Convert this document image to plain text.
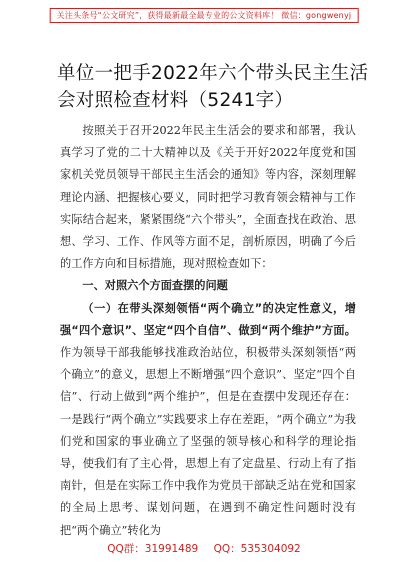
关注头条号“公文研究”，获得最新最全最专业的公文资料库！ 微信：gongwenyj
单位一把手2022年六个带头民主生活会对照检查材料（5241字）

按照关于召开2022年民主生活会的要求和部署，我认真学习了党的二十大精神以及《关于开好2022年度党和国家机关党员领导干部民主生活会的通知》等内容，深刻理解理论内涵、把握核心要义，同时把学习教育领会精神与工作实际结合起来，紧紧围绕“六个带头”，全面查找在政治、思想、学习、工作、作风等方面不足，剖析原因，明确了今后的工作方向和目标措施，现对照检查如下：

一、对照六个方面查摆的问题

（一）在带头深刻领悟“两个确立”的决定性意义，增强“四个意识”、坚定“四个自信”、做到“两个维护”方面。作为领导干部我能够找准政治站位，积极带头深刻领悟“两个确立”的意义，思想上不断增强“四个意识”、坚定“四个自信”、行动上做到“两个维护”，但是在查摆中发现还存在：一是践行“两个确立”实践要求上存在差距，“两个确立”为我们党和国家的事业确立了坚强的领导核心和科学的理论指导，使我们有了主心骨，思想上有了定盘星、行动上有了指南针，但是在实际工作中我作为党员干部缺乏站在党和国家的全局上思考、谋划问题，在遇到不确定性问题时没有把“两个确立”转化为

QQ群：31991489 QQ：535304092
